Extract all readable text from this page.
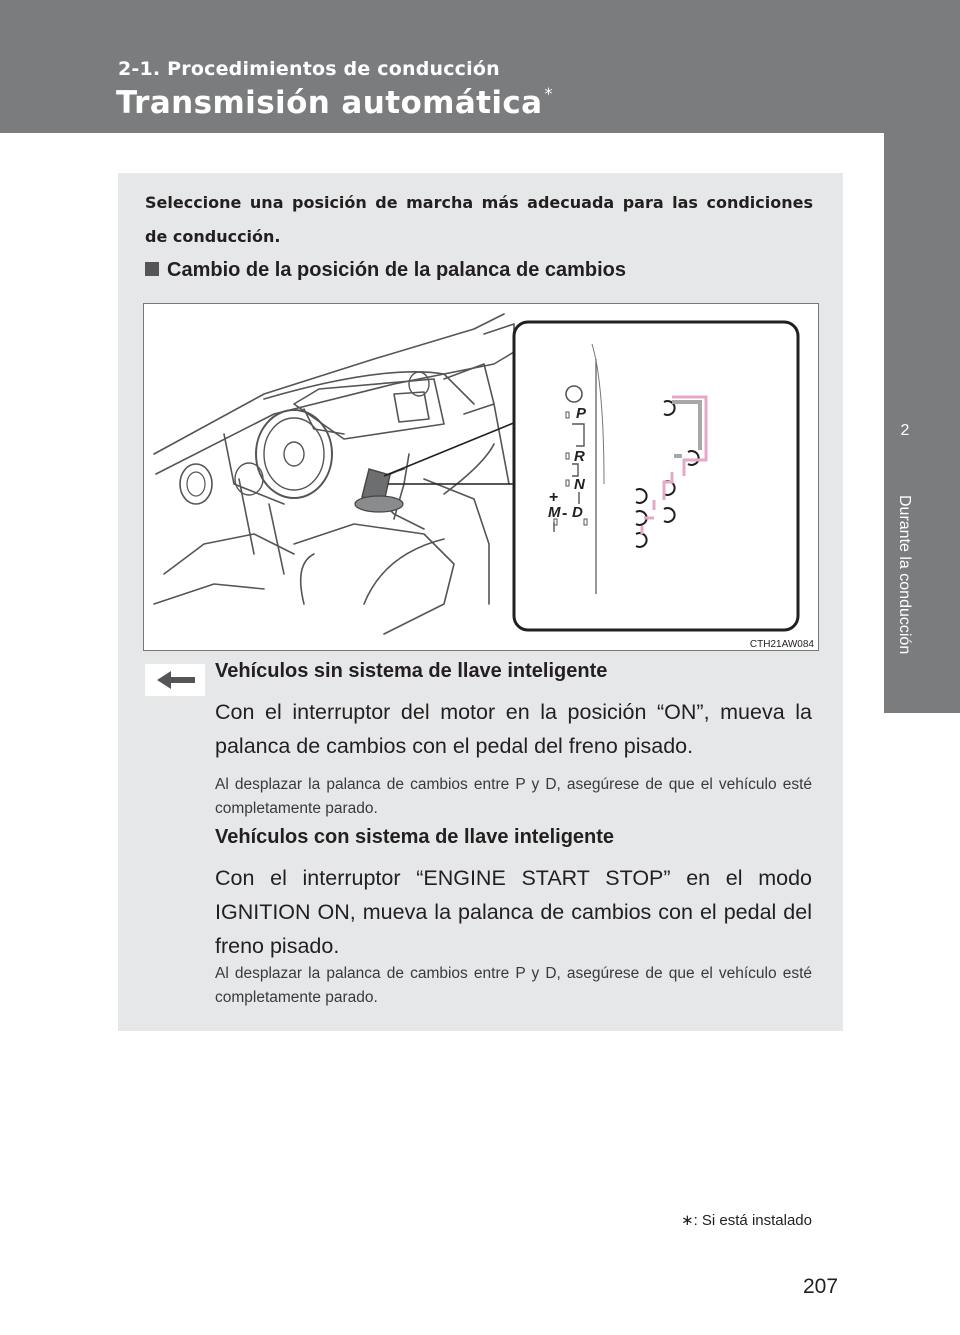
2-1. Procedimientos de conducción
Transmisión automática *
2
Durante la conducción
Seleccione una posición de marcha más adecuada para las condiciones de conducción.
Cambio de la posición de la palanca de cambios
P
R
N
D
M
+
-
CTH21AW084
Vehículos sin sistema de llave inteligente
Con el interruptor del motor en la posición “ON”, mueva la palanca de cambios con el pedal del freno pisado.
Al desplazar la palanca de cambios entre P y D, asegúrese de que el vehículo esté completamente parado.
Vehículos con sistema de llave inteligente
Con el interruptor “ENGINE START STOP” en el modo IGNITION ON, mueva la palanca de cambios con el pedal del freno pisado.
Al desplazar la palanca de cambios entre P y D, asegúrese de que el vehículo esté completamente parado.
∗: Si está instalado
207
